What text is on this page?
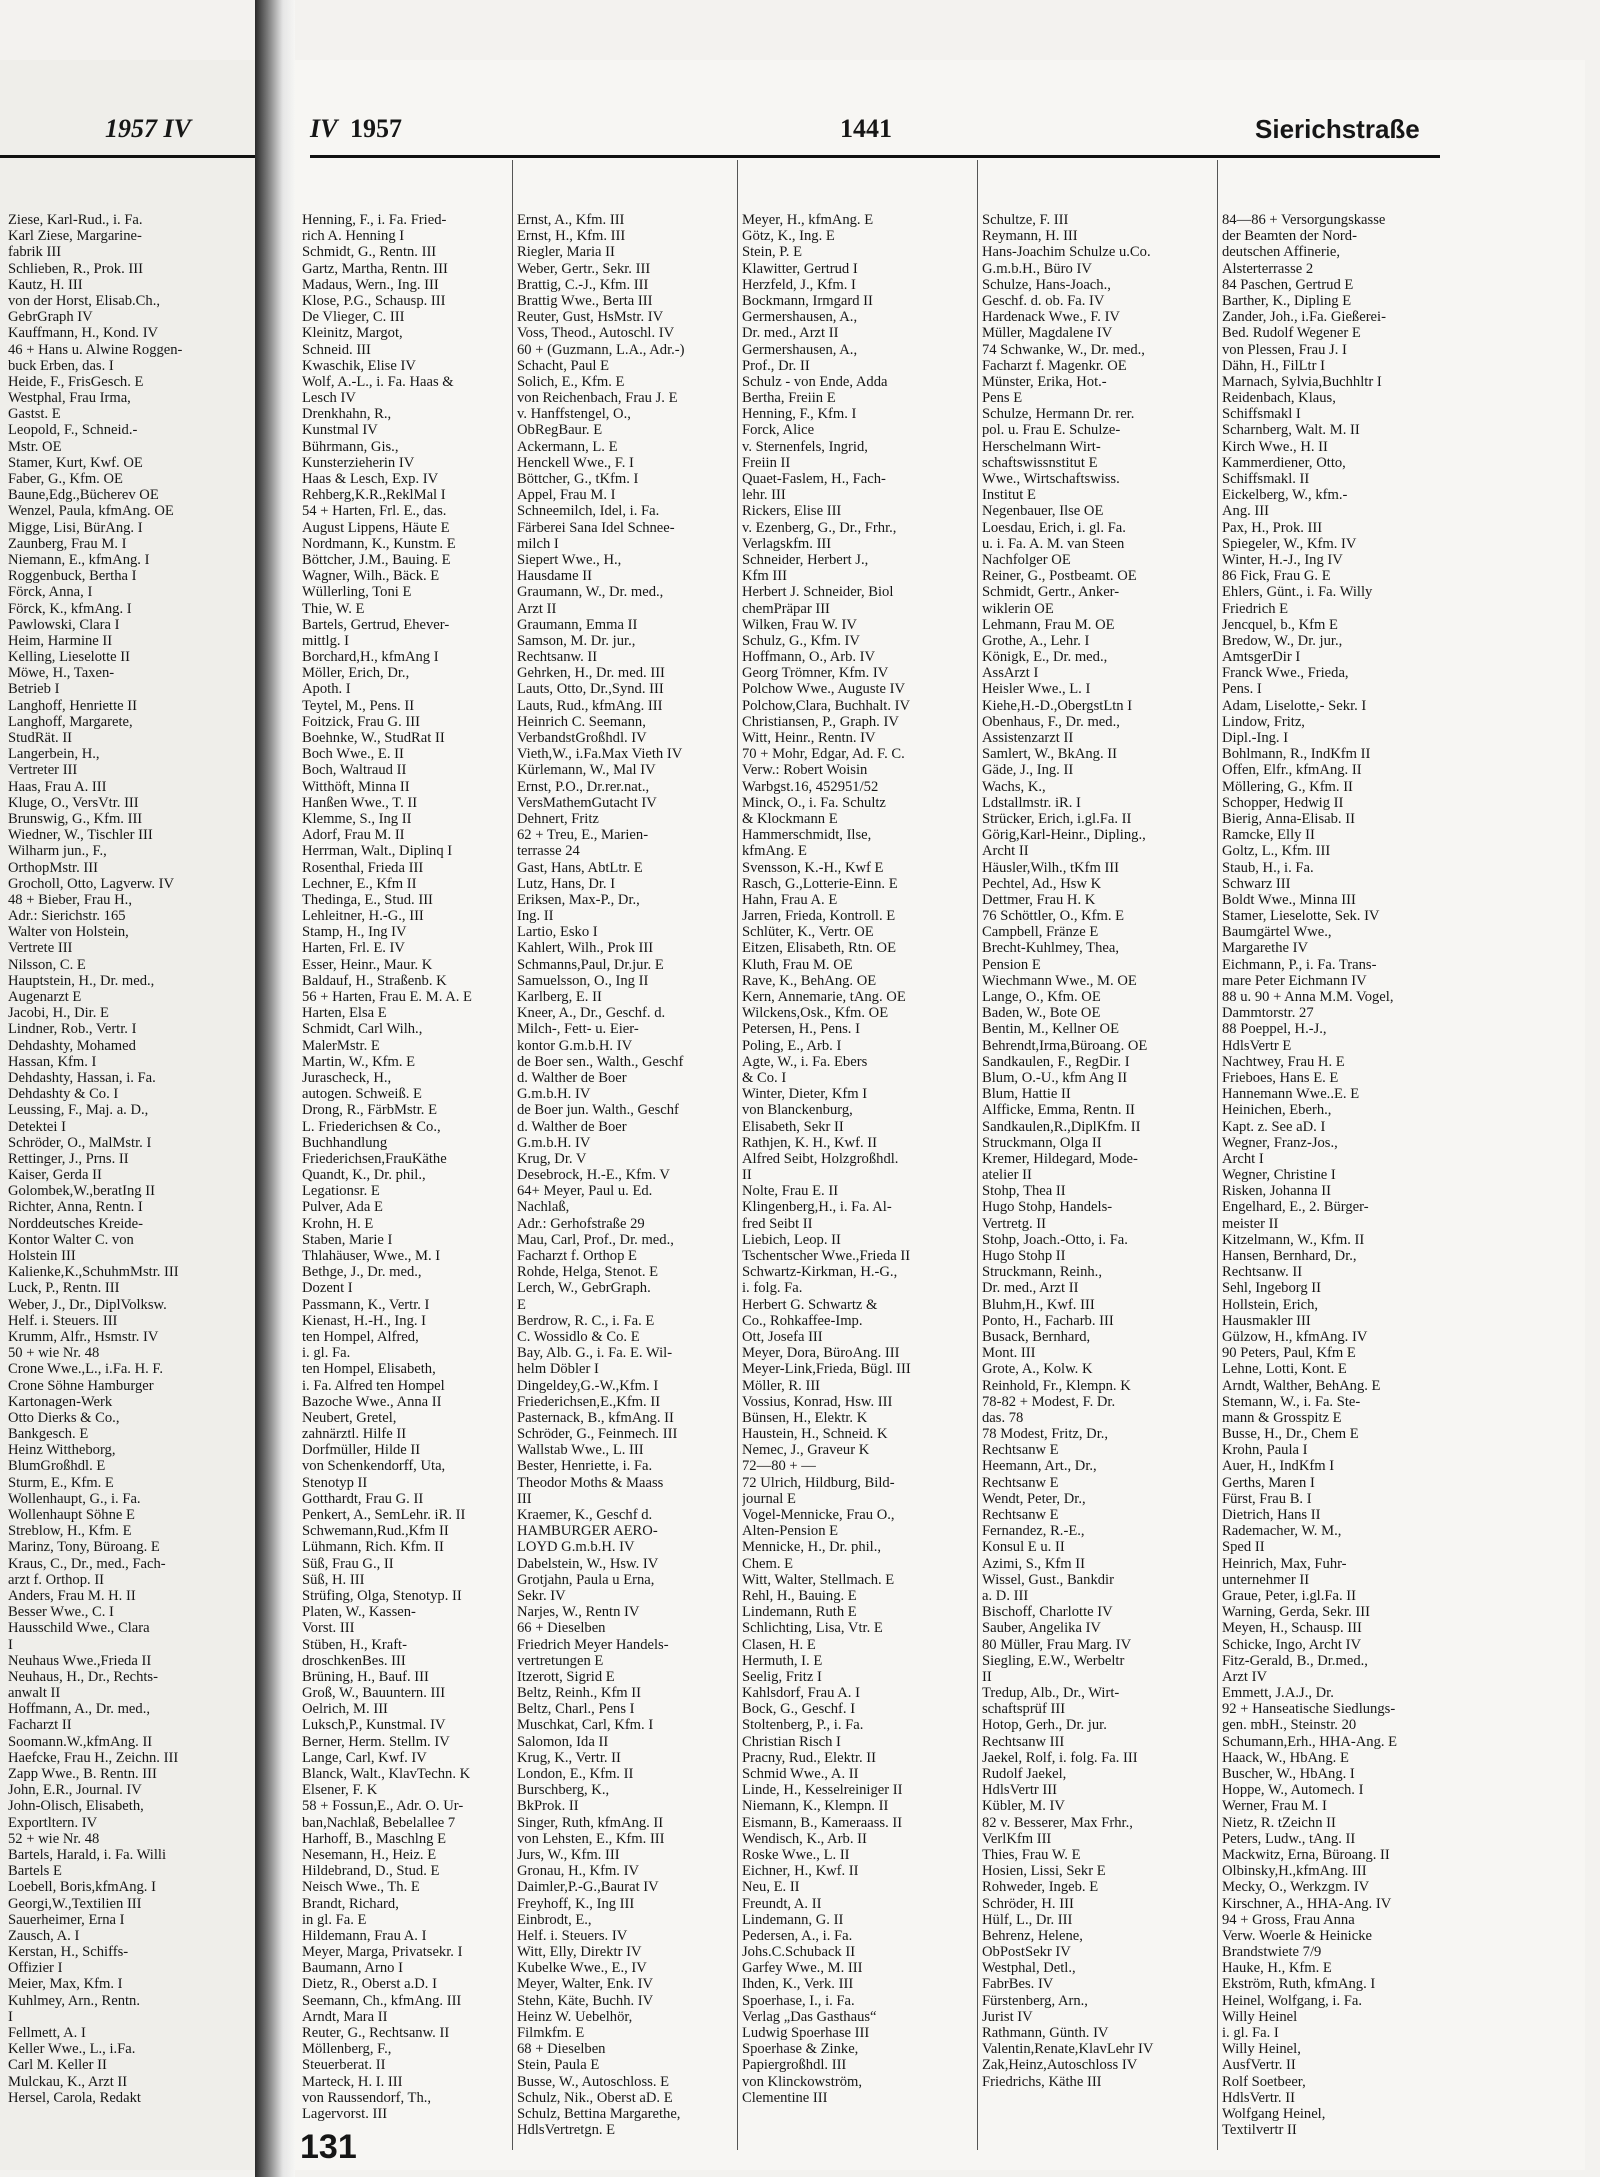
1957 IV	IV 1957	1441	Sierichstraße
Ziese, Karl-Rud., i. Fa.
Karl Ziese, Margarine-
fabrik III
Schlieben, R., Prok. III
Kautz, H. III
von der Horst, Elisab.Ch.,
GebrGraph IV
Kauffmann, H., Kond. IV
46 + Hans u. Alwine Roggen-
buck Erben, das. I
Heide, F., FrisGesch. E
Westphal, Frau Irma,
Gastst. E
Leopold, F., Schneid.-
Mstr. OE
Stamer, Kurt, Kwf. OE
Faber, G., Kfm. OE
Baune,Edg.,Bücherev OE
Wenzel, Paula, kfmAng. OE
Migge, Lisi, BürAng. I
Zaunberg, Frau M. I
Niemann, E., kfmAng. I
Roggenbuck, Bertha I
Förck, Anna, I
Förck, K., kfmAng. I
Pawlowski, Clara I
Heim, Harmine II
Kelling, Lieselotte II
Möwe, H., Taxen-
Betrieb I
Langhoff, Henriette II
Langhoff, Margarete,
StudRät. II
Langerbein, H.,
Vertreter III
Haas, Frau A. III
Kluge, O., VersVtr. III
Brunswig, G., Kfm. III
Wiedner, W., Tischler III
Wilharm jun., F.,
OrthopMstr. III
Grocholl, Otto, Lagverw. IV
48 + Bieber, Frau H.,
Adr.: Sierichstr. 165
Walter von Holstein,
Vertrete III
Nilsson, C. E
Hauptstein, H., Dr. med.,
Augenarzt E
Jacobi, H., Dir. E
Lindner, Rob., Vertr. I
Dehdashty, Mohamed
Hassan, Kfm. I
Dehdashty, Hassan, i. Fa.
Dehdashty & Co. I
Leussing, F., Maj. a. D.,
Detektei I
Schröder, O., MalMstr. I
Rettinger, J., Prns. II
Kaiser, Gerda II
Golombek,W.,beratIng II
Richter, Anna, Rentn. I
Norddeutsches Kreide-
Kontor Walter C. von
Holstein III
Kalienke,K.,SchuhmMstr. III
Luck, P., Rentn. III
Weber, J., Dr., DiplVolksw.
Helf. i. Steuers. III
Krumm, Alfr., Hsmstr. IV
50 + wie Nr. 48
Crone Wwe.,L., i.Fa. H. F.
Crone Söhne Hamburger
Kartonagen-Werk
Otto Dierks & Co.,
Bankgesch. E
Heinz Wittheborg,
BlumGroßhdl. E
Sturm, E., Kfm. E
Wollenhaupt, G., i. Fa.
Wollenhaupt Söhne E
Streblow, H., Kfm. E
Marinz, Tony, Büroang. E
Kraus, C., Dr., med., Fach-
arzt f. Orthop. II
Anders, Frau M. H. II
Besser Wwe., C. I
Hausschild Wwe., Clara
I
Neuhaus Wwe.,Frieda II
Neuhaus, H., Dr., Rechts-
anwalt II
Hoffmann, A., Dr. med.,
Facharzt II
Soomann.W.,kfmAng. II
Haefcke, Frau H., Zeichn. III
Zapp Wwe., B. Rentn. III
John, E.R., Journal. IV
John-Olisch, Elisabeth,
Exportltern. IV
52 + wie Nr. 48
Bartels, Harald, i. Fa. Willi
Bartels E
Loebell, Boris,kfmAng. I
Georgi,W.,Textilien III
Sauerheimer, Erna I
Zausch, A. I
Kerstan, H., Schiffs-
Offizier I
Meier, Max, Kfm. I
Kuhlmey, Arn., Rentn.
I
Fellmett, A. I
Keller Wwe., L., i.Fa.
Carl M. Keller II
Mulckau, K., Arzt II
Hersel, Carola, Redakt
Henning, F., i. Fa. Fried-
rich A. Henning I
Schmidt, G., Rentn. III
Gartz, Martha, Rentn. III
Madaus, Wern., Ing. III
Klose, P.G., Schausp. III
De Vlieger, C. III
Kleinitz, Margot,
Schneid. III
Kwaschik, Elise IV
Wolf, A.-L., i. Fa. Haas &
Lesch IV
Drenkhahn, R.,
Kunstmal IV
Bührmann, Gis.,
Kunsterzieherin IV
Haas & Lesch, Exp. IV
Rehberg,K.R.,ReklMal I
54 + Harten, Frl. E., das.
August Lippens, Häute E
Nordmann, K., Kunstm. E
Böttcher, J.M., Bauing. E
Wagner, Wilh., Bäck. E
Wüllerling, Toni E
Thie, W. E
Bartels, Gertrud, Ehever-
mittlg. I
Borchard,H., kfmAng I
Möller, Erich, Dr.,
Apoth. I
Teytel, M., Pens. II
Foitzick, Frau G. III
Boehnke, W., StudRat II
Boch Wwe., E. II
Boch, Waltraud II
Witthöft, Minna II
Hanßen Wwe., T. II
Klemme, S., Ing II
Adorf, Frau M. II
Herrman, Walt., Diplinq I
Rosenthal, Frieda III
Lechner, E., Kfm II
Thedinga, E., Stud. III
Lehleitner, H.-G., III
Stamp, H., Ing IV
Harten, Frl. E. IV
Esser, Heinr., Maur. K
Baldauf, H., Straßenb. K
56 + Harten, Frau E. M. A. E
Harten, Elsa E
Schmidt, Carl Wilh.,
MalerMstr. E
Martin, W., Kfm. E
Jurascheck, H.,
autogen. Schweiß. E
Drong, R., FärbMstr. E
L. Friederichsen & Co.,
Buchhandlung
Friederichsen,FrauKäthe
Quandt, K., Dr. phil.,
Legationsr. E
Pulver, Ada E
Krohn, H. E
Staben, Marie I
Thlahäuser, Wwe., M. I
Bethge, J., Dr. med.,
Dozent I
Passmann, K., Vertr. I
Kienast, H.-H., Ing. I
ten Hompel, Alfred,
i. gl. Fa.
ten Hompel, Elisabeth,
i. Fa. Alfred ten Hompel
Bazoche Wwe., Anna II
Neubert, Gretel,
zahnärztl. Hilfe II
Dorfmüller, Hilde II
von Schenkendorff, Uta,
Stenotyp II
Gotthardt, Frau G. II
Penkert, A., SemLehr. iR. II
Schwemann,Rud.,Kfm II
Lühmann, Rich. Kfm. II
Süß, Frau G., II
Süß, H. III
Strüfing, Olga, Stenotyp. II
Platen, W., Kassen-
Vorst. III
Stüben, H., Kraft-
droschkenBes. III
Brüning, H., Bauf. III
Groß, W., Bauuntern. III
Oelrich, M. III
Luksch,P., Kunstmal. IV
Berner, Herm. Stellm. IV
Lange, Carl, Kwf. IV
Blanck, Walt., KlavTechn. K
Elsener, F. K
58 + Fossun,E., Adr. O. Ur-
ban,Nachlaß, Bebelallee 7
Harhoff, B., Maschlng E
Nesemann, H., Heiz. E
Hildebrand, D., Stud. E
Neisch Wwe., Th. E
Brandt, Richard,
in gl. Fa. E
Hildemann, Frau A. I
Meyer, Marga, Privatsekr. I
Baumann, Arno I
Dietz, R., Oberst a.D. I
Seemann, Ch., kfmAng. III
Arndt, Mara II
Reuter, G., Rechtsanw. II
Möllenberg, F.,
Steuerberat. II
Marteck, H. I. III
von Raussendorf, Th.,
Lagervorst. III
Ernst, A., Kfm. III
Ernst, H., Kfm. III
Riegler, Maria II
Weber, Gertr., Sekr. III
Brattig, C.-J., Kfm. III
Brattig Wwe., Berta III
Reuter, Gust, HsMstr. IV
Voss, Theod., Autoschl. IV
60 + (Guzmann, L.A., Adr.-)
Schacht, Paul E
Solich, E., Kfm. E
von Reichenbach, Frau J. E
v. Hanffstengel, O.,
ObRegBaur. E
Ackermann, L. E
Henckell Wwe., F. I
Böttcher, G., tKfm. I
Appel, Frau M. I
Schneemilch, Idel, i. Fa.
Färberei Sana Idel Schnee-
milch I
Siepert Wwe., H.,
Hausdame II
Graumann, W., Dr. med.,
Arzt II
Graumann, Emma II
Samson, M. Dr. jur.,
Rechtsanw. II
Gehrken, H., Dr. med. III
Lauts, Otto, Dr.,Synd. III
Lauts, Rud., kfmAng. III
Heinrich C. Seemann,
VerbandstGroßhdl. IV
Vieth,W., i.Fa.Max Vieth IV
Kürlemann, W., Mal IV
Ernst, P.O., Dr.rer.nat.,
VersMathemGutacht IV
Dehnert, Fritz
62 + Treu, E., Marien-
terrasse 24
Gast, Hans, AbtLtr. E
Lutz, Hans, Dr. I
Eriksen, Max-P., Dr.,
Ing. II
Lartio, Esko I
Kahlert, Wilh., Prok III
Schmanns,Paul, Dr.jur. E
Samuelsson, O., Ing II
Karlberg, E. II
Kneer, A., Dr., Geschf. d.
Milch-, Fett- u. Eier-
kontor G.m.b.H. IV
de Boer sen., Walth., Geschf
d. Walther de Boer
G.m.b.H. IV
de Boer jun. Walth., Geschf
d. Walther de Boer
G.m.b.H. IV
Krug, Dr. V
Desebrock, H.-E., Kfm. V
64+ Meyer, Paul u. Ed.
Nachlaß,
Adr.: Gerhofstraße 29
Mau, Carl, Prof., Dr. med.,
Facharzt f. Orthop E
Rohde, Helga, Stenot. E
Lerch, W., GebrGraph.
E
Berdrow, R. C., i. Fa. E
C. Wossidlo & Co. E
Bay, Alb. G., i. Fa. E. Wil-
helm Döbler I
Dingeldey,G.-W.,Kfm. I
Friederichsen,E.,Kfm. II
Pasternack, B., kfmAng. II
Schröder, G., Feinmech. III
Wallstab Wwe., L. III
Bester, Henriette, i. Fa.
Theodor Moths & Maass
III
Kraemer, K., Geschf d.
HAMBURGER AERO-
LOYD G.m.b.H. IV
Dabelstein, W., Hsw. IV
Grotjahn, Paula u Erna,
Sekr. IV
Narjes, W., Rentn IV
66 + Dieselben
Friedrich Meyer Handels-
vertretungen E
Itzerott, Sigrid E
Beltz, Reinh., Kfm II
Beltz, Charl., Pens I
Muschkat, Carl, Kfm. I
Salomon, Ida II
Krug, K., Vertr. II
London, E., Kfm. II
Burschberg, K.,
BkProk. II
Singer, Ruth, kfmAng. II
von Lehsten, E., Kfm. III
Jurs, W., Kfm. III
Gronau, H., Kfm. IV
Daimler,P.-G.,Baurat IV
Freyhoff, K., Ing III
Einbrodt, E.,
Helf. i. Steuers. IV
Witt, Elly, Direktr IV
Kubelke Wwe., E., IV
Meyer, Walter, Enk. IV
Stehn, Käte, Buchh. IV
Heinz W. Uebelhör,
Filmkfm. E
68 + Dieselben
Stein, Paula E
Busse, W., Autoschloss. E
Schulz, Nik., Oberst aD. E
Schulz, Bettina Margarethe,
HdlsVertretgn. E
Meyer, H., kfmAng. E
Götz, K., Ing. E
Stein, P. E
Klawitter, Gertrud I
Herzfeld, J., Kfm. I
Bockmann, Irmgard II
Germershausen, A.,
Dr. med., Arzt II
Germershausen, A.,
Prof., Dr. II
Schulz - von Ende, Adda
Bertha, Freiin E
Henning, F., Kfm. I
Forck, Alice
v. Sternenfels, Ingrid,
Freiin II
Quaet-Faslem, H., Fach-
lehr. III
Rickers, Elise III
v. Ezenberg, G., Dr., Frhr.,
Verlagskfm. III
Schneider, Herbert J.,
Kfm III
Herbert J. Schneider, Biol
chemPräpar III
Wilken, Frau W. IV
Schulz, G., Kfm. IV
Hoffmann, O., Arb. IV
Georg Trömner, Kfm. IV
Polchow Wwe., Auguste IV
Polchow,Clara, Buchhalt. IV
Christiansen, P., Graph. IV
Witt, Heinr., Rentn. IV
70 + Mohr, Edgar, Ad. F. C.
Verw.: Robert Woisin
Warbgst.16, 452951/52
Minck, O., i. Fa. Schultz
& Klockmann E
Hammerschmidt, Ilse,
kfmAng. E
Svensson, K.-H., Kwf E
Rasch, G.,Lotterie-Einn. E
Hahn, Frau A. E
Jarren, Frieda, Kontroll. E
Schlüter, K., Vertr. OE
Eitzen, Elisabeth, Rtn. OE
Kluth, Frau M. OE
Rave, K., BehAng. OE
Kern, Annemarie, tAng. OE
Wilckens,Osk., Kfm. OE
Petersen, H., Pens. I
Poling, E., Arb. I
Agte, W., i. Fa. Ebers
& Co. I
Winter, Dieter, Kfm I
von Blanckenburg,
Elisabeth, Sekr II
Rathjen, K. H., Kwf. II
Alfred Seibt, Holzgroßhdl.
II
Nolte, Frau E. II
Klingenberg,H., i. Fa. Al-
fred Seibt II
Liebich, Leop. II
Tschentscher Wwe.,Frieda II
Schwartz-Kirkman, H.-G.,
i. folg. Fa.
Herbert G. Schwartz &
Co., Rohkaffee-Imp.
Ott, Josefa III
Meyer, Dora, BüroAng. III
Meyer-Link,Frieda, Bügl. III
Möller, R. III
Vossius, Konrad, Hsw. III
Bünsen, H., Elektr. K
Haustein, H., Schneid. K
Nemec, J., Graveur K
72—80 + —
72 Ulrich, Hildburg, Bild-
journal E
Vogel-Mennicke, Frau O.,
Alten-Pension E
Mennicke, H., Dr. phil.,
Chem. E
Witt, Walter, Stellmach. E
Rehl, H., Bauing. E
Lindemann, Ruth E
Schlichting, Lisa, Vtr. E
Clasen, H. E
Hermuth, I. E
Seelig, Fritz I
Kahlsdorf, Frau A. I
Bock, G., Geschf. I
Stoltenberg, P., i. Fa.
Christian Risch I
Pracny, Rud., Elektr. II
Schmid Wwe., A. II
Linde, H., Kesselreiniger II
Niemann, K., Klempn. II
Eismann, B., Kameraass. II
Wendisch, K., Arb. II
Roske Wwe., L. II
Eichner, H., Kwf. II
Neu, E. II
Freundt, A. II
Lindemann, G. II
Pedersen, A., i. Fa.
Johs.C.Schuback II
Garfey Wwe., M. III
Ihden, K., Verk. III
Spoerhase, I., i. Fa.
Verlag „Das Gasthaus“
Ludwig Spoerhase III
Spoerhase & Zinke,
Papiergroßhdl. III
von Klinckowström,
Clementine III
Schultze, F. III
Reymann, H. III
Hans-Joachim Schulze u.Co.
G.m.b.H., Büro IV
Schulze, Hans-Joach.,
Geschf. d. ob. Fa. IV
Hardenack Wwe., F. IV
Müller, Magdalene IV
74 Schwanke, W., Dr. med.,
Facharzt f. Magenkr. OE
Münster, Erika, Hot.-
Pens E
Schulze, Hermann Dr. rer.
pol. u. Frau E. Schulze-
Herschelmann Wirt-
schaftswissnstitut E
Wwe., Wirtschaftswiss.
Institut E
Negenbauer, Ilse OE
Loesdau, Erich, i. gl. Fa.
u. i. Fa. A. M. van Steen
Nachfolger OE
Reiner, G., Postbeamt. OE
Schmidt, Gertr., Anker-
wiklerin OE
Lehmann, Frau M. OE
Grothe, A., Lehr. I
Königk, E., Dr. med.,
AssArzt I
Heisler Wwe., L. I
Kiehe,H.-D.,ObergstLtn I
Obenhaus, F., Dr. med.,
Assistenzarzt II
Samlert, W., BkAng. II
Gäde, J., Ing. II
Wachs, K.,
Ldstallmstr. iR. I
Strücker, Erich, i.gl.Fa. II
Görig,Karl-Heinr., Dipling.,
Archt II
Häusler,Wilh., tKfm III
Pechtel, Ad., Hsw K
Dettmer, Frau H. K
76 Schöttler, O., Kfm. E
Campbell, Fränze E
Brecht-Kuhlmey, Thea,
Pension E
Wiechmann Wwe., M. OE
Lange, O., Kfm. OE
Baden, W., Bote OE
Bentin, M., Kellner OE
Behrendt,Irma,Büroang. OE
Sandkaulen, F., RegDir. I
Blum, O.-U., kfm Ang II
Blum, Hattie II
Alfficke, Emma, Rentn. II
Sandkaulen,R.,DiplKfm. II
Struckmann, Olga II
Kremer, Hildegard, Mode-
atelier II
Stohp, Thea II
Hugo Stohp, Handels-
Vertretg. II
Stohp, Joach.-Otto, i. Fa.
Hugo Stohp II
Struckmann, Reinh.,
Dr. med., Arzt II
Bluhm,H., Kwf. III
Ponto, H., Facharb. III
Busack, Bernhard,
Mont. III
Grote, A., Kolw. K
Reinhold, Fr., Klempn. K
78-82 + Modest, F. Dr.
das. 78
78 Modest, Fritz, Dr.,
Rechtsanw E
Heemann, Art., Dr.,
Rechtsanw E
Wendt, Peter, Dr.,
Rechtsanw E
Fernandez, R.-E.,
Konsul E u. II
Azimi, S., Kfm II
Wissel, Gust., Bankdir
a. D. III
Bischoff, Charlotte IV
Sauber, Angelika IV
80 Müller, Frau Marg. IV
Siegling, E.W., Werbeltr
II
Tredup, Alb., Dr., Wirt-
schaftsprüf III
Hotop, Gerh., Dr. jur.
Rechtsanw III
Jaekel, Rolf, i. folg. Fa. III
Rudolf Jaekel,
HdlsVertr III
Kübler, M. IV
82 v. Besserer, Max Frhr.,
VerlKfm III
Thies, Frau W. E
Hosien, Lissi, Sekr E
Rohweder, Ingeb. E
Schröder, H. III
Hülf, L., Dr. III
Behrenz, Helene,
ObPostSekr IV
Westphal, Detl.,
FabrBes. IV
Fürstenberg, Arn.,
Jurist IV
Rathmann, Günth. IV
Valentin,Renate,KlavLehr IV
Zak,Heinz,Autoschloss IV
Friedrichs, Käthe III
84—86 + Versorgungskasse
der Beamten der Nord-
deutschen Affinerie,
Alsterterrasse 2
84 Paschen, Gertrud E
Barther, K., Dipling E
Zander, Joh., i.Fa. Gießerei-
Bed. Rudolf Wegener E
von Plessen, Frau J. I
Dähn, H., FilLtr I
Marnach, Sylvia,Buchhltr I
Reidenbach, Klaus,
Schiffsmakl I
Scharnberg, Walt. M. II
Kirch Wwe., H. II
Kammerdiener, Otto,
Schiffsmakl. II
Eickelberg, W., kfm.-
Ang. III
Pax, H., Prok. III
Spiegeler, W., Kfm. IV
Winter, H.-J., Ing IV
86 Fick, Frau G. E
Ehlers, Günt., i. Fa. Willy
Friedrich E
Jencquel, b., Kfm E
Bredow, W., Dr. jur.,
AmtsgerDir I
Franck Wwe., Frieda,
Pens. I
Adam, Liselotte,- Sekr. I
Lindow, Fritz,
Dipl.-Ing. I
Bohlmann, R., IndKfm II
Offen, Elfr., kfmAng. II
Möllering, G., Kfm. II
Schopper, Hedwig II
Bierig, Anna-Elisab. II
Ramcke, Elly II
Goltz, L., Kfm. III
Staub, H., i. Fa.
Schwarz III
Boldt Wwe., Minna III
Stamer, Lieselotte, Sek. IV
Baumgärtel Wwe.,
Margarethe IV
Eichmann, P., i. Fa. Trans-
mare Peter Eichmann IV
88 u. 90 + Anna M.M. Vogel,
Dammtorstr. 27
88 Poeppel, H.-J.,
HdlsVertr E
Nachtwey, Frau H. E
Frieboes, Hans E. E
Hannemann Wwe..E. E
Heinichen, Eberh.,
Kapt. z. See aD. I
Wegner, Franz-Jos.,
Archt I
Wegner, Christine I
Risken, Johanna II
Engelhard, E., 2. Bürger-
meister II
Kitzelmann, W., Kfm. II
Hansen, Bernhard, Dr.,
Rechtsanw. II
Sehl, Ingeborg II
Hollstein, Erich,
Hausmakler III
Gülzow, H., kfmAng. IV
90 Peters, Paul, Kfm E
Lehne, Lotti, Kont. E
Arndt, Walther, BehAng. E
Stemann, W., i. Fa. Ste-
mann & Grosspitz E
Busse, H., Dr., Chem E
Krohn, Paula I
Auer, H., IndKfm I
Gerths, Maren I
Fürst, Frau B. I
Dietrich, Hans II
Rademacher, W. M.,
Sped II
Heinrich, Max, Fuhr-
unternehmer II
Graue, Peter, i.gl.Fa. II
Warning, Gerda, Sekr. III
Meyen, H., Schausp. III
Schicke, Ingo, Archt IV
Fitz-Gerald, B., Dr.med.,
Arzt IV
Emmett, J.A.J., Dr.
92 + Hanseatische Siedlungs-
gen. mbH., Steinstr. 20
Schumann,Erh., HHA-Ang. E
Haack, W., HbAng. E
Buscher, W., HbAng. I
Hoppe, W., Automech. I
Werner, Frau M. I
Nietz, R. tZeichn II
Peters, Ludw., tAng. II
Mackwitz, Erna, Büroang. II
Olbinsky,H.,kfmAng. III
Mecky, O., Werkzgm. IV
Kirschner, A., HHA-Ang. IV
94 + Gross, Frau Anna
Verw. Woerle & Heinicke
Brandstwiete 7/9
Hauke, H., Kfm. E
Ekström, Ruth, kfmAng. I
Heinel, Wolfgang, i. Fa.
Willy Heinel
i. gl. Fa. I
Willy Heinel,
AusfVertr. II
Rolf Soetbeer,
HdlsVertr. II
Wolfgang Heinel,
Textilvertr II
131
